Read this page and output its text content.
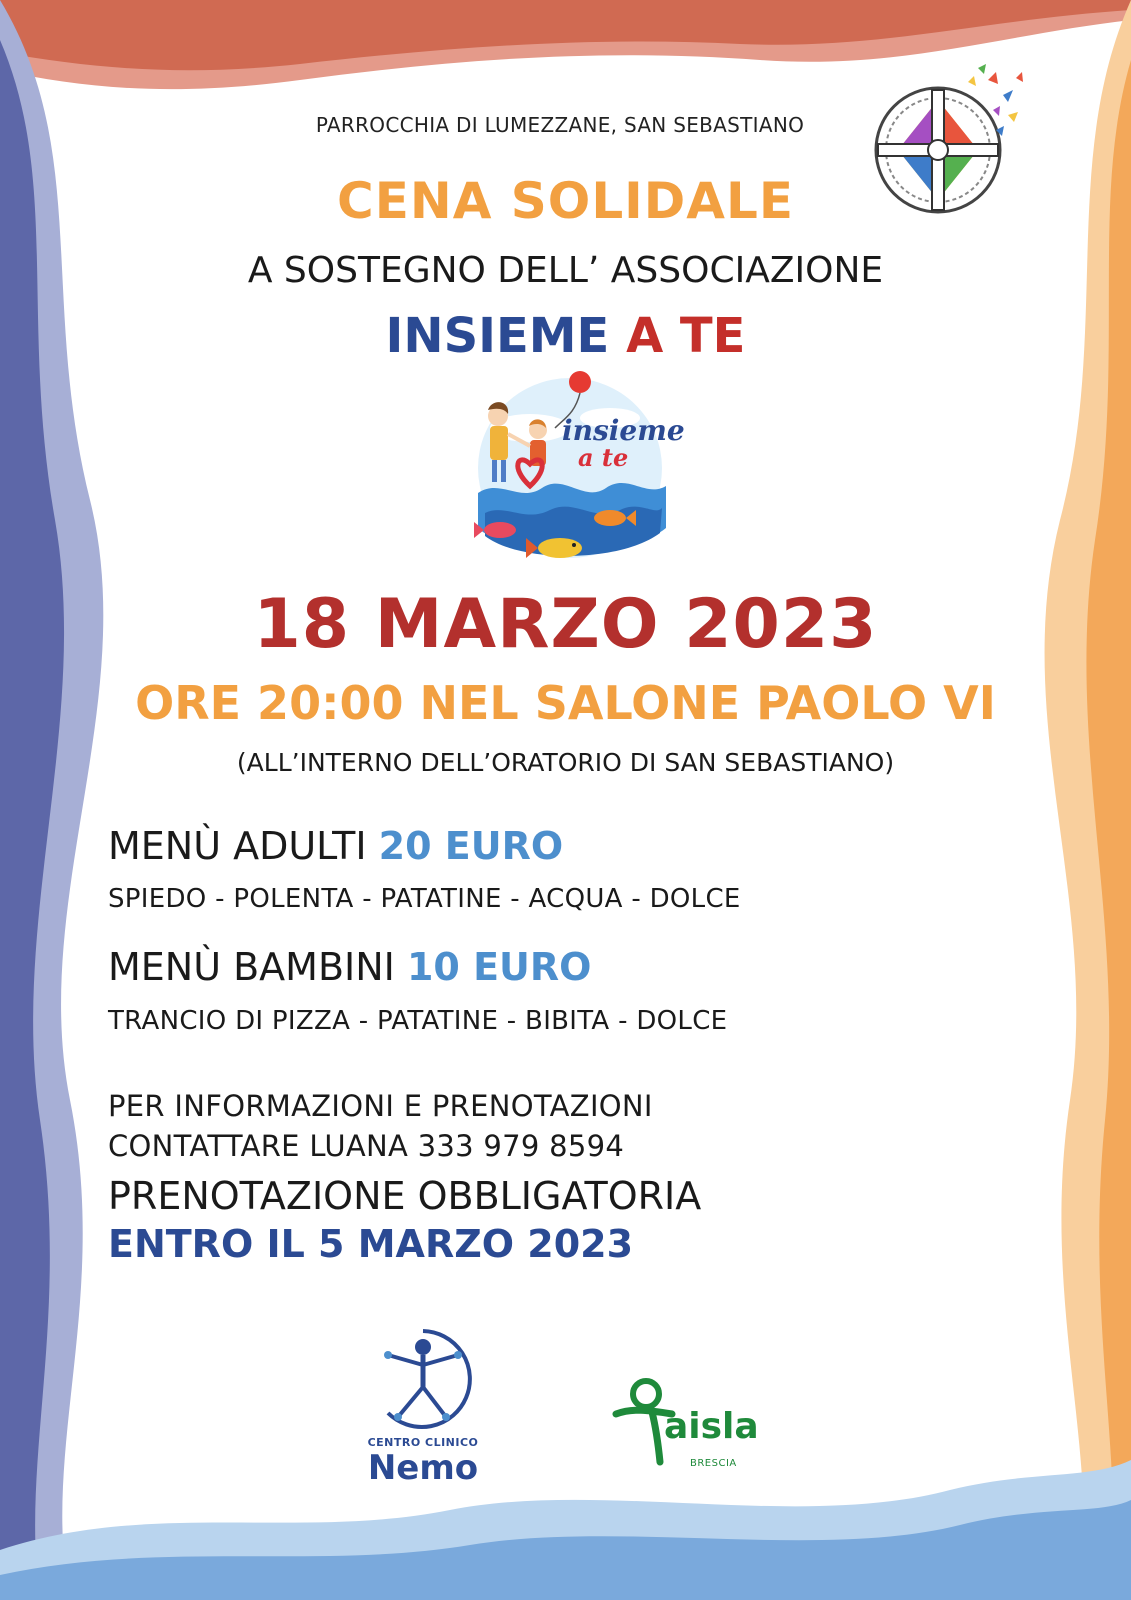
PARROCCHIA DI LUMEZZANE, SAN SEBASTIANO
CENA SOLIDALE
A SOSTEGNO DELL’ ASSOCIAZIONE
INSIEME A TE
insieme
a te
18 MARZO 2023
ORE 20:00 NEL SALONE PAOLO VI
(ALL’INTERNO DELL’ORATORIO DI SAN SEBASTIANO)
MENÙ ADULTI 20 EURO
SPIEDO - POLENTA - PATATINE - ACQUA - DOLCE
MENÙ BAMBINI 10 EURO
TRANCIO DI PIZZA - PATATINE - BIBITA - DOLCE
PER INFORMAZIONI E PRENOTAZIONI
CONTATTARE LUANA 333 979 8594
PRENOTAZIONE OBBLIGATORIA
ENTRO IL 5 MARZO 2023
CENTRO CLINICO
Nemo
aisla
BRESCIA
